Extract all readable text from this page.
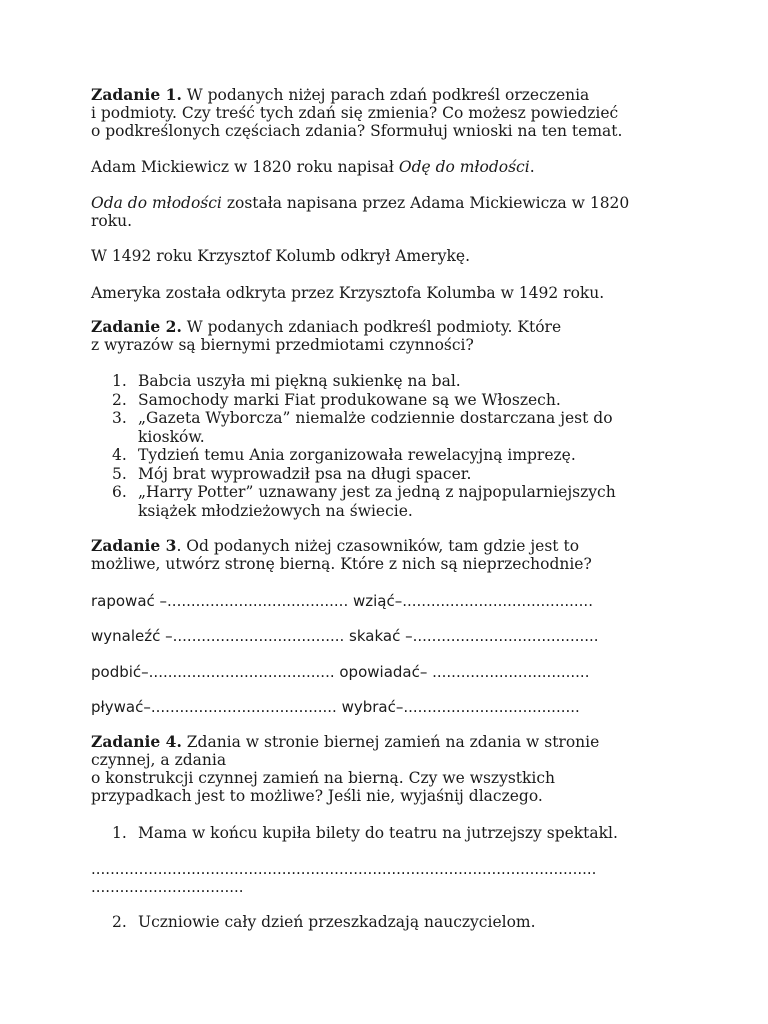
Zadanie 1. W podanych niżej parach zdań podkreśl orzeczenia
i podmioty. Czy treść tych zdań się zmienia? Co możesz powiedzieć
o podkreślonych częściach zdania? Sformułuj wnioski na ten temat.

Adam Mickiewicz w 1820 roku napisał Odę do młodości.

Oda do młodości została napisana przez Adama Mickiewicza w 1820
roku.

W 1492 roku Krzysztof Kolumb odkrył Amerykę.

Ameryka została odkryta przez Krzysztofa Kolumba w 1492 roku.

Zadanie 2. W podanych zdaniach podkreśl podmioty. Które
z wyrazów są biernymi przedmiotami czynności?

1. Babcia uszyła mi piękną sukienkę na bal.
2. Samochody marki Fiat produkowane są we Włoszech.
3. „Gazeta Wyborcza” niemalże codziennie dostarczana jest do
kiosków.
4. Tydzień temu Ania zorganizowała rewelacyjną imprezę.
5. Mój brat wyprowadził psa na długi spacer.
6. „Harry Potter” uznawany jest za jedną z najpopularniejszych
książek młodzieżowych na świecie.

Zadanie 3. Od podanych niżej czasowników, tam gdzie jest to
możliwe, utwórz stronę bierną. Które z nich są nieprzechodnie?

rapować –...................................... wziąć–........................................

wynaleźć –.................................... skakać –.......................................

podbić–....................................... opowiadać– .................................

pływać–....................................... wybrać–.....................................

Zadanie 4. Zdania w stronie biernej zamień na zdania w stronie
czynnej, a zdania
o konstrukcji czynnej zamień na bierną. Czy we wszystkich
przypadkach jest to możliwe? Jeśli nie, wyjaśnij dlaczego.

1. Mama w końcu kupiła bilety do teatru na jutrzejszy spektakl.

..........................................................................................................

................................

2. Uczniowie cały dzień przeszkadzają nauczycielom.
